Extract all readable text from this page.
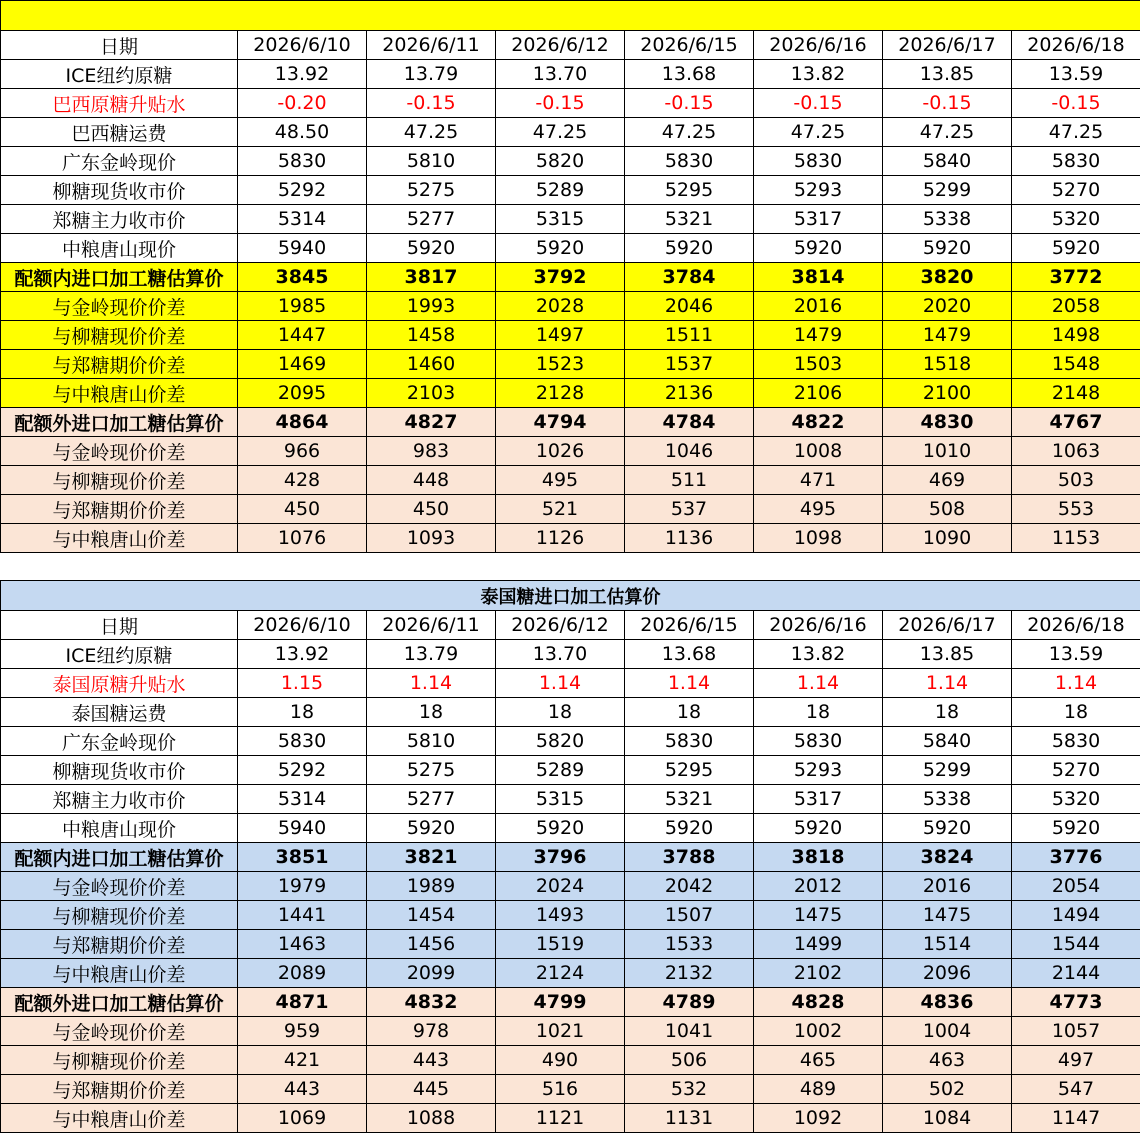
日期	2026/6/10	2026/6/11	2026/6/12	2026/6/15	2026/6/16	2026/6/17	2026/6/18
ICE纽约原糖	13.92	13.79	13.70	13.68	13.82	13.85	13.59
巴西原糖升贴水	-0.20	-0.15	-0.15	-0.15	-0.15	-0.15	-0.15
巴西糖运费	48.50	47.25	47.25	47.25	47.25	47.25	47.25
广东金岭现价	5830	5810	5820	5830	5830	5840	5830
柳糖现货收市价	5292	5275	5289	5295	5293	5299	5270
郑糖主力收市价	5314	5277	5315	5321	5317	5338	5320
中粮唐山现价	5940	5920	5920	5920	5920	5920	5920
配额内进口加工糖估算价	3845	3817	3792	3784	3814	3820	3772
与金岭现价价差	1985	1993	2028	2046	2016	2020	2058
与柳糖现价价差	1447	1458	1497	1511	1479	1479	1498
与郑糖期价价差	1469	1460	1523	1537	1503	1518	1548
与中粮唐山价差	2095	2103	2128	2136	2106	2100	2148
配额外进口加工糖估算价	4864	4827	4794	4784	4822	4830	4767
与金岭现价价差	966	983	1026	1046	1008	1010	1063
与柳糖现价价差	428	448	495	511	471	469	503
与郑糖期价价差	450	450	521	537	495	508	553
与中粮唐山价差	1076	1093	1126	1136	1098	1090	1153
泰国糖进口加工估算价							
日期	2026/6/10	2026/6/11	2026/6/12	2026/6/15	2026/6/16	2026/6/17	2026/6/18
ICE纽约原糖	13.92	13.79	13.70	13.68	13.82	13.85	13.59
泰国原糖升贴水	1.15	1.14	1.14	1.14	1.14	1.14	1.14
泰国糖运费	18	18	18	18	18	18	18
广东金岭现价	5830	5810	5820	5830	5830	5840	5830
柳糖现货收市价	5292	5275	5289	5295	5293	5299	5270
郑糖主力收市价	5314	5277	5315	5321	5317	5338	5320
中粮唐山现价	5940	5920	5920	5920	5920	5920	5920
配额内进口加工糖估算价	3851	3821	3796	3788	3818	3824	3776
与金岭现价价差	1979	1989	2024	2042	2012	2016	2054
与柳糖现价价差	1441	1454	1493	1507	1475	1475	1494
与郑糖期价价差	1463	1456	1519	1533	1499	1514	1544
与中粮唐山价差	2089	2099	2124	2132	2102	2096	2144
配额外进口加工糖估算价	4871	4832	4799	4789	4828	4836	4773
与金岭现价价差	959	978	1021	1041	1002	1004	1057
与柳糖现价价差	421	443	490	506	465	463	497
与郑糖期价价差	443	445	516	532	489	502	547
与中粮唐山价差	1069	1088	1121	1131	1092	1084	1147
